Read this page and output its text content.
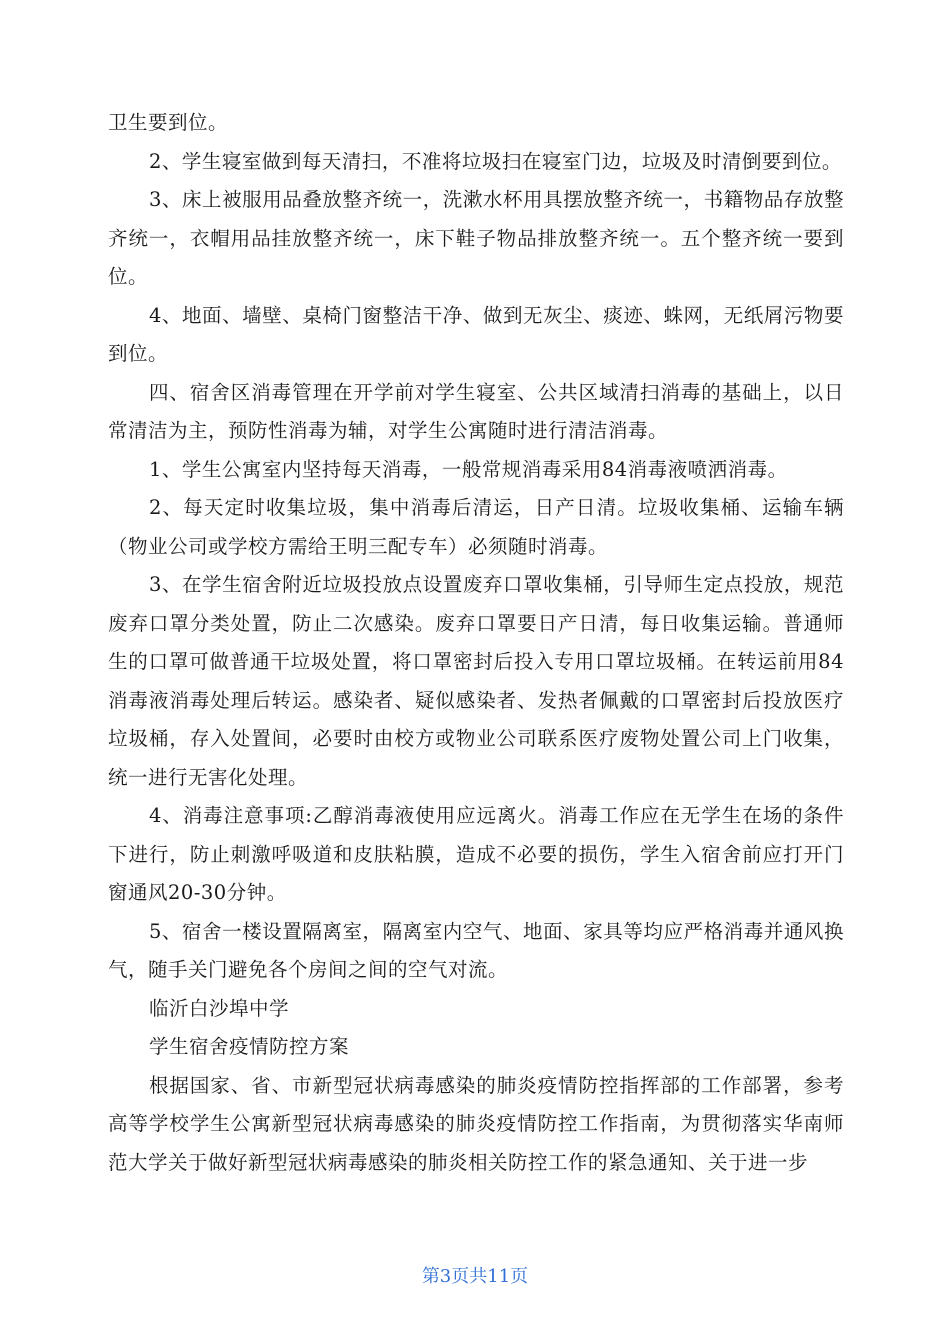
卫生要到位。

2、学生寝室做到每天清扫，不准将垃圾扫在寝室门边，垃圾及时清倒要到位。

3、床上被服用品叠放整齐统一，洗漱水杯用具摆放整齐统一，书籍物品存放整齐统一，衣帽用品挂放整齐统一，床下鞋子物品排放整齐统一。五个整齐统一要到位。

4、地面、墙壁、桌椅门窗整洁干净、做到无灰尘、痰迹、蛛网，无纸屑污物要到位。

四、宿舍区消毒管理在开学前对学生寝室、公共区域清扫消毒的基础上，以日常清洁为主，预防性消毒为辅，对学生公寓随时进行清洁消毒。

1、学生公寓室内坚持每天消毒，一般常规消毒采用84消毒液喷洒消毒。

2、每天定时收集垃圾，集中消毒后清运，日产日清。垃圾收集桶、运输车辆（物业公司或学校方需给王明三配专车）必须随时消毒。

3、在学生宿舍附近垃圾投放点设置废弃口罩收集桶，引导师生定点投放，规范废弃口罩分类处置，防止二次感染。废弃口罩要日产日清，每日收集运输。普通师生的口罩可做普通干垃圾处置，将口罩密封后投入专用口罩垃圾桶。在转运前用84消毒液消毒处理后转运。感染者、疑似感染者、发热者佩戴的口罩密封后投放医疗垃圾桶，存入处置间，必要时由校方或物业公司联系医疗废物处置公司上门收集，统一进行无害化处理。

4、消毒注意事项:乙醇消毒液使用应远离火。消毒工作应在无学生在场的条件下进行，防止刺激呼吸道和皮肤粘膜，造成不必要的损伤，学生入宿舍前应打开门窗通风20-30分钟。

5、宿舍一楼设置隔离室，隔离室内空气、地面、家具等均应严格消毒并通风换气，随手关门避免各个房间之间的空气对流。

临沂白沙埠中学

学生宿舍疫情防控方案

根据国家、省、市新型冠状病毒感染的肺炎疫情防控指挥部的工作部署，参考高等学校学生公寓新型冠状病毒感染的肺炎疫情防控工作指南，为贯彻落实华南师范大学关于做好新型冠状病毒感染的肺炎相关防控工作的紧急通知、关于进一步

第3页共11页
